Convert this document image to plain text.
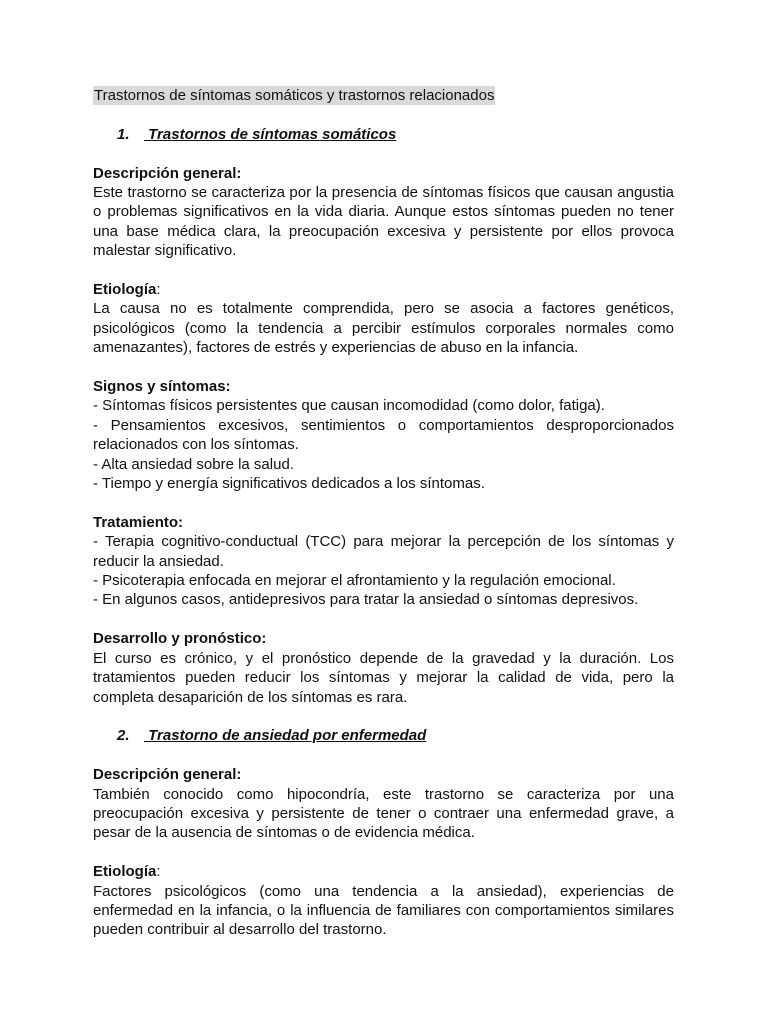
Trastornos de síntomas somáticos y trastornos relacionados
1. Trastornos de síntomas somáticos
Descripción general:

Este trastorno se caracteriza por la presencia de síntomas físicos que causan angustia o problemas significativos en la vida diaria. Aunque estos síntomas pueden no tener una base médica clara, la preocupación excesiva y persistente por ellos provoca malestar significativo.

Etiología:

La causa no es totalmente comprendida, pero se asocia a factores genéticos, psicológicos (como la tendencia a percibir estímulos corporales normales como amenazantes), factores de estrés y experiencias de abuso en la infancia.

Signos y síntomas:

- Síntomas físicos persistentes que causan incomodidad (como dolor, fatiga).

- Pensamientos excesivos, sentimientos o comportamientos desproporcionados relacionados con los síntomas.

- Alta ansiedad sobre la salud.

- Tiempo y energía significativos dedicados a los síntomas.

Tratamiento:

- Terapia cognitivo-conductual (TCC) para mejorar la percepción de los síntomas y reducir la ansiedad.

- Psicoterapia enfocada en mejorar el afrontamiento y la regulación emocional.

- En algunos casos, antidepresivos para tratar la ansiedad o síntomas depresivos.

Desarrollo y pronóstico:

El curso es crónico, y el pronóstico depende de la gravedad y la duración. Los tratamientos pueden reducir los síntomas y mejorar la calidad de vida, pero la completa desaparición de los síntomas es rara.

2. Trastorno de ansiedad por enfermedad
Descripción general:

También conocido como hipocondría, este trastorno se caracteriza por una preocupación excesiva y persistente de tener o contraer una enfermedad grave, a pesar de la ausencia de síntomas o de evidencia médica.

Etiología:

Factores psicológicos (como una tendencia a la ansiedad), experiencias de enfermedad en la infancia, o la influencia de familiares con comportamientos similares pueden contribuir al desarrollo del trastorno.
